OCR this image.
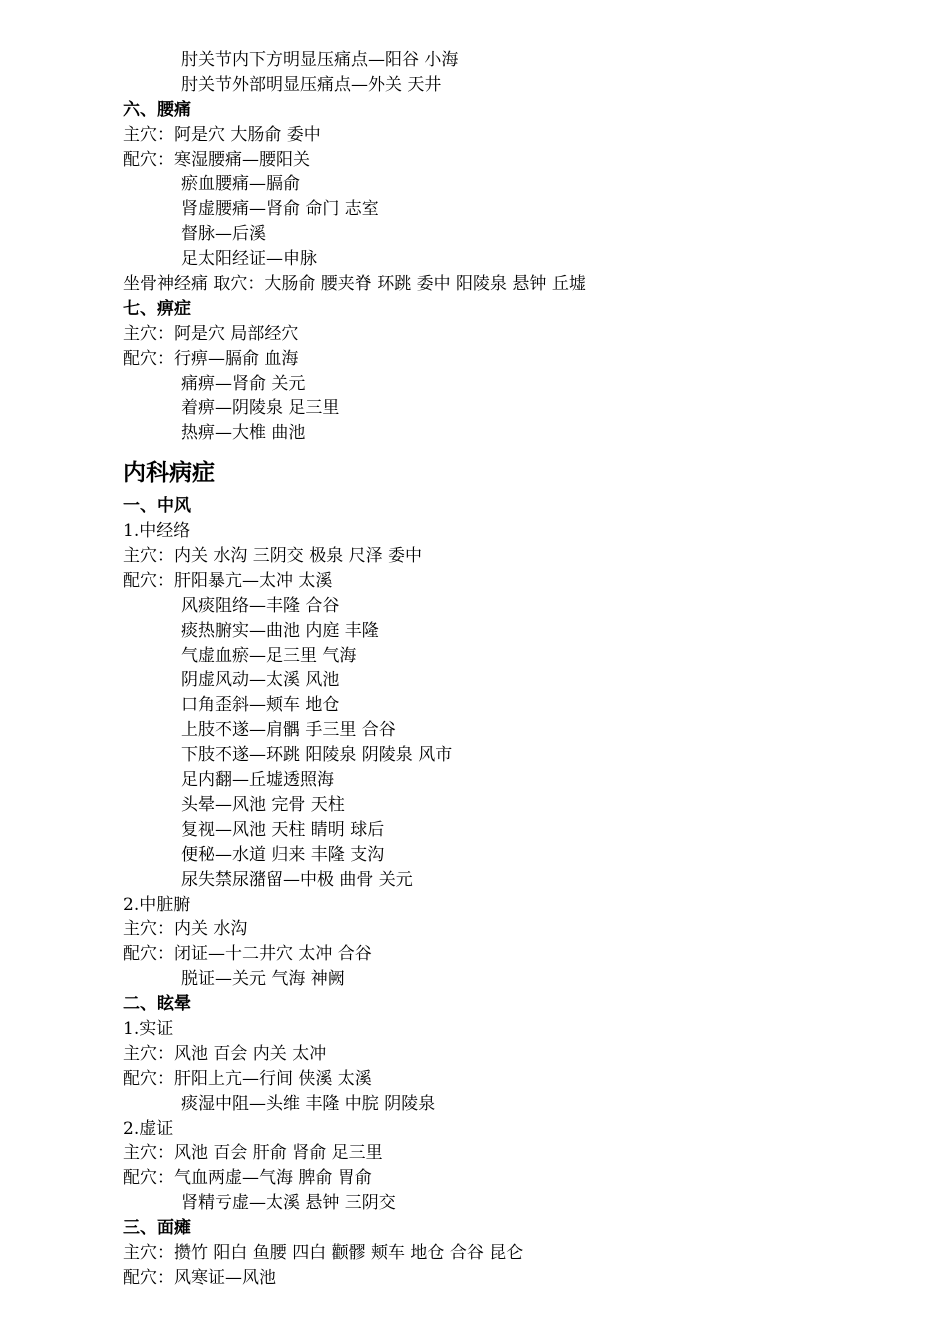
肘关节内下方明显压痛点—阳谷 小海
肘关节外部明显压痛点—外关 天井
六、腰痛
主穴：阿是穴 大肠俞 委中
配穴：寒湿腰痛—腰阳关
瘀血腰痛—膈俞
肾虚腰痛—肾俞 命门 志室
督脉—后溪
足太阳经证—申脉
坐骨神经痛 取穴：大肠俞 腰夹脊 环跳 委中 阳陵泉 悬钟 丘墟
七、痹症
主穴：阿是穴 局部经穴
配穴：行痹—膈俞 血海
痛痹—肾俞 关元
着痹—阴陵泉 足三里
热痹—大椎 曲池
内科病症
一、中风
1.中经络
主穴：内关 水沟 三阴交 极泉 尺泽 委中
配穴：肝阳暴亢—太冲 太溪
风痰阻络—丰隆 合谷
痰热腑实—曲池 内庭 丰隆
气虚血瘀—足三里 气海
阴虚风动—太溪 风池
口角歪斜—颊车 地仓
上肢不遂—肩髃 手三里 合谷
下肢不遂—环跳 阳陵泉 阴陵泉 风市
足内翻—丘墟透照海
头晕—风池 完骨 天柱
复视—风池 天柱 睛明 球后
便秘—水道 归来 丰隆 支沟
尿失禁尿潴留—中极 曲骨 关元
2.中脏腑
主穴：内关 水沟
配穴：闭证—十二井穴 太冲 合谷
脱证—关元 气海 神阙
二、眩晕
1.实证
主穴：风池 百会 内关 太冲
配穴：肝阳上亢—行间 侠溪 太溪
痰湿中阻—头维 丰隆 中脘 阴陵泉
2.虚证
主穴：风池 百会 肝俞 肾俞 足三里
配穴：气血两虚—气海 脾俞 胃俞
肾精亏虚—太溪 悬钟 三阴交
三、面瘫
主穴：攒竹 阳白 鱼腰 四白 颧髎 颊车 地仓 合谷 昆仑
配穴：风寒证—风池
